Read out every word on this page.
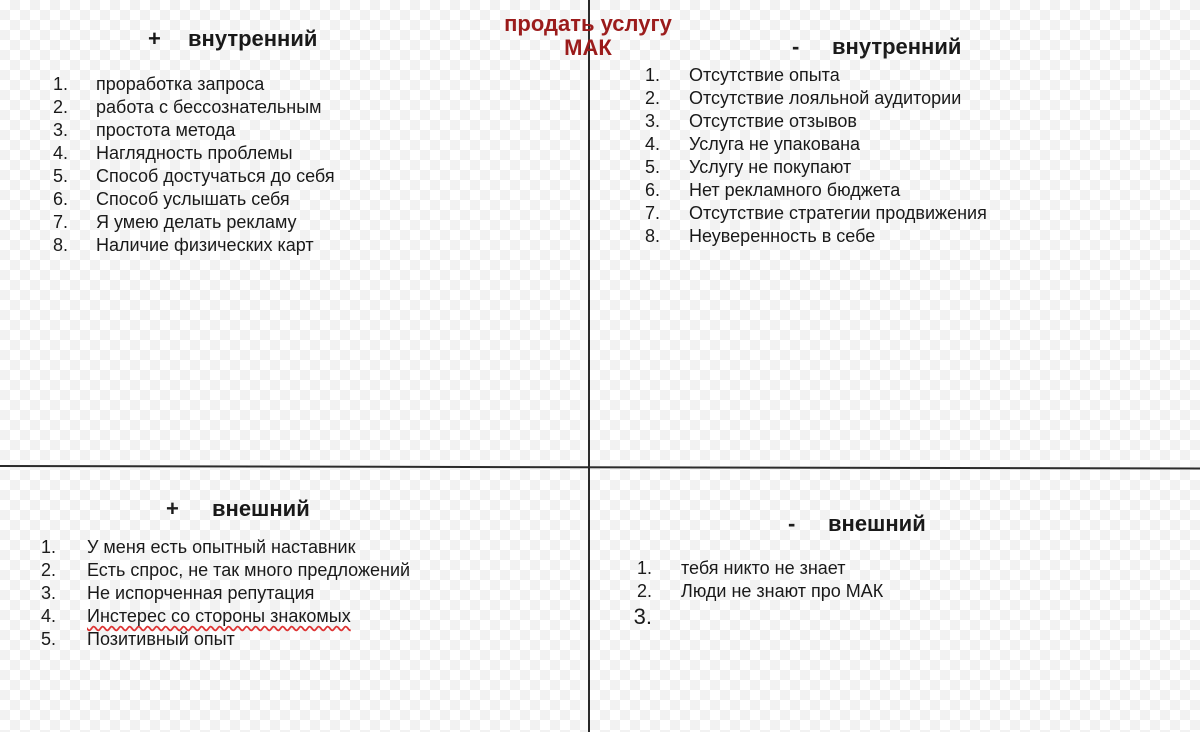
продать услугу МАК
+ внутренний
1. проработка запроса
2. работа с бессознательным
3. простота метода
4. Наглядность проблемы
5. Способ достучаться до себя
6. Способ услышать себя
7. Я умею делать рекламу
8. Наличие физических карт
- внутренний
1. Отсутствие опыта
2. Отсутствие лояльной аудитории
3. Отсутствие отзывов
4. Услуга не упакована
5. Услугу не покупают
6. Нет рекламного бюджета
7. Отсутствие стратегии продвижения
8. Неуверенность в себе
+ внешний
1. У меня есть опытный наставник
2. Есть спрос, не так много предложений
3. Не испорченная репутация
4. Инстерес со стороны знакомых
5. Позитивный опыт
- внешний
1. тебя никто не знает
2. Люди не знают про МАК
3.
